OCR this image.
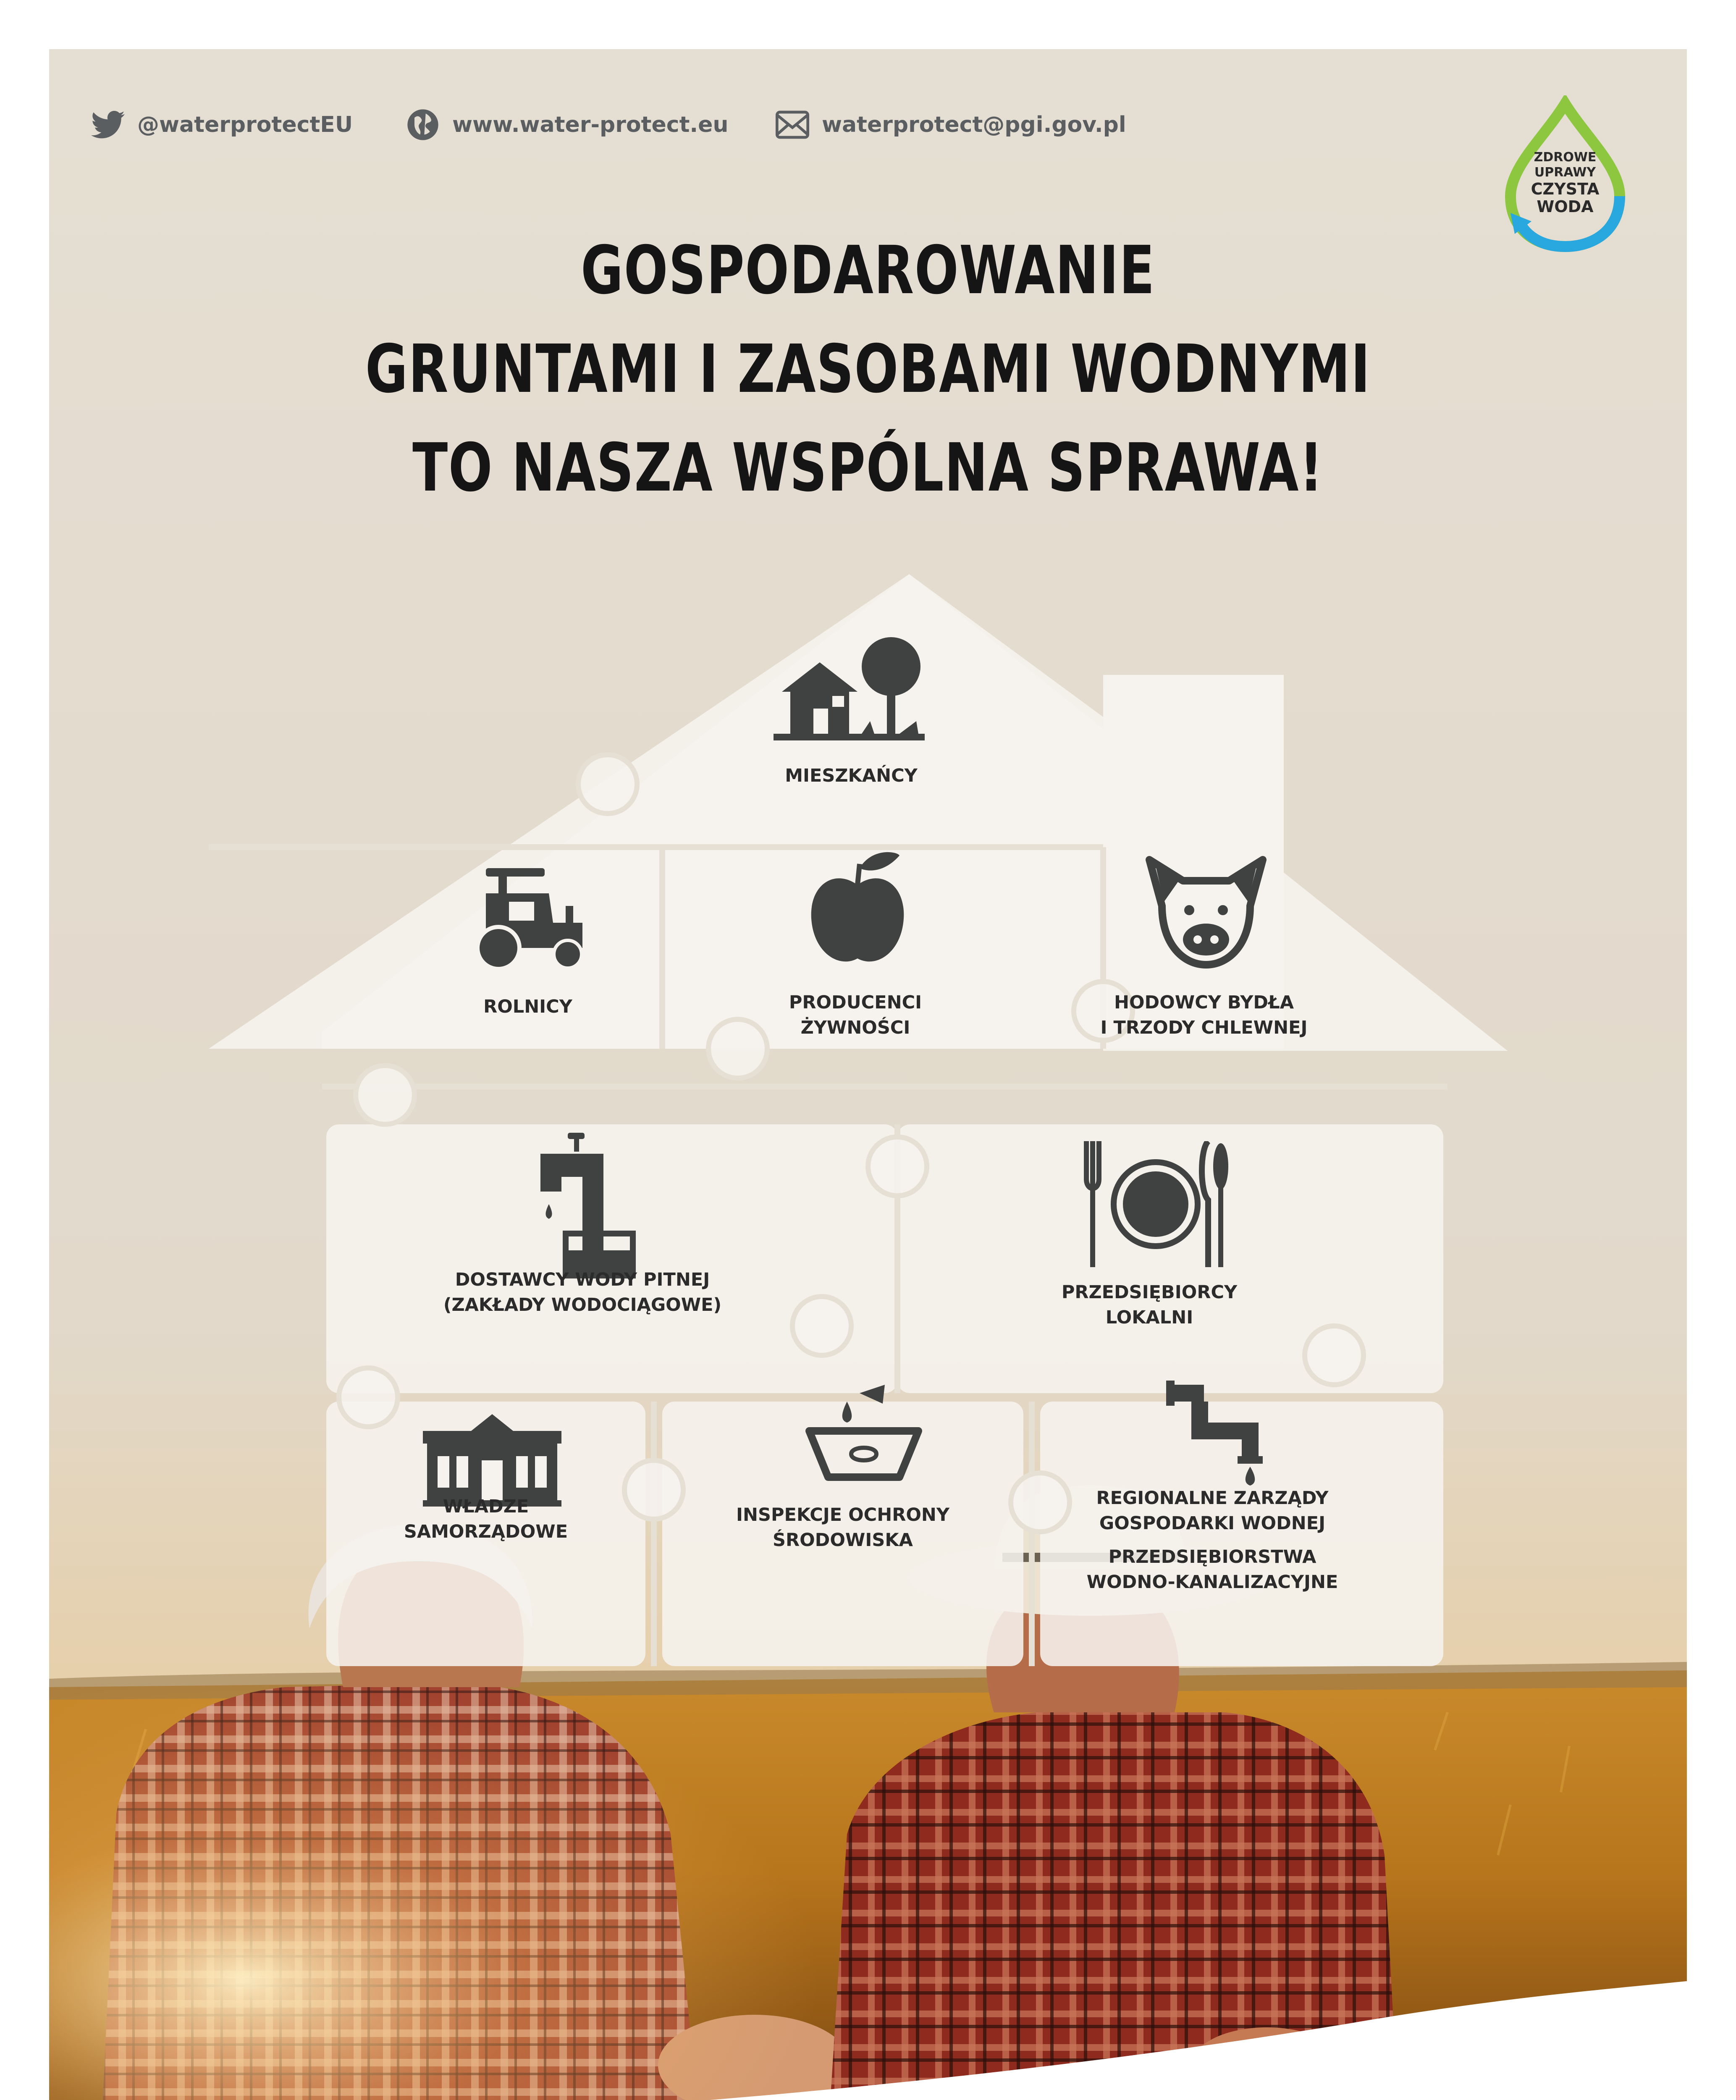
@waterprotectEU	www.water-protect.eu	waterprotect@pgi.gov.pl
ZDROWE
UPRAWY
CZYSTA
WODA
GOSPODAROWANIE
GRUNTAMI I ZASOBAMI WODNYMI
TO NASZA WSPÓLNA SPRAWA!
MIESZKAŃCY
ROLNICY	PRODUCENCI
ŻYWNOŚCI
HODOWCY BYDŁA
I TRZODY CHLEWNEJ
DOSTAWCY WODY PITNEJ
(ZAKŁADY WODOCIĄGOWE)
PRZEDSIĘBIORCY
LOKALNI
WŁADZE
SAMORZĄDOWE
INSPEKCJE OCHRONY
ŚRODOWISKA
REGIONALNE ZARZĄDY
GOSPODARKI WODNEJ
PRZEDSIĘBIORSTWA
WODNO-KANALIZACYJNE
